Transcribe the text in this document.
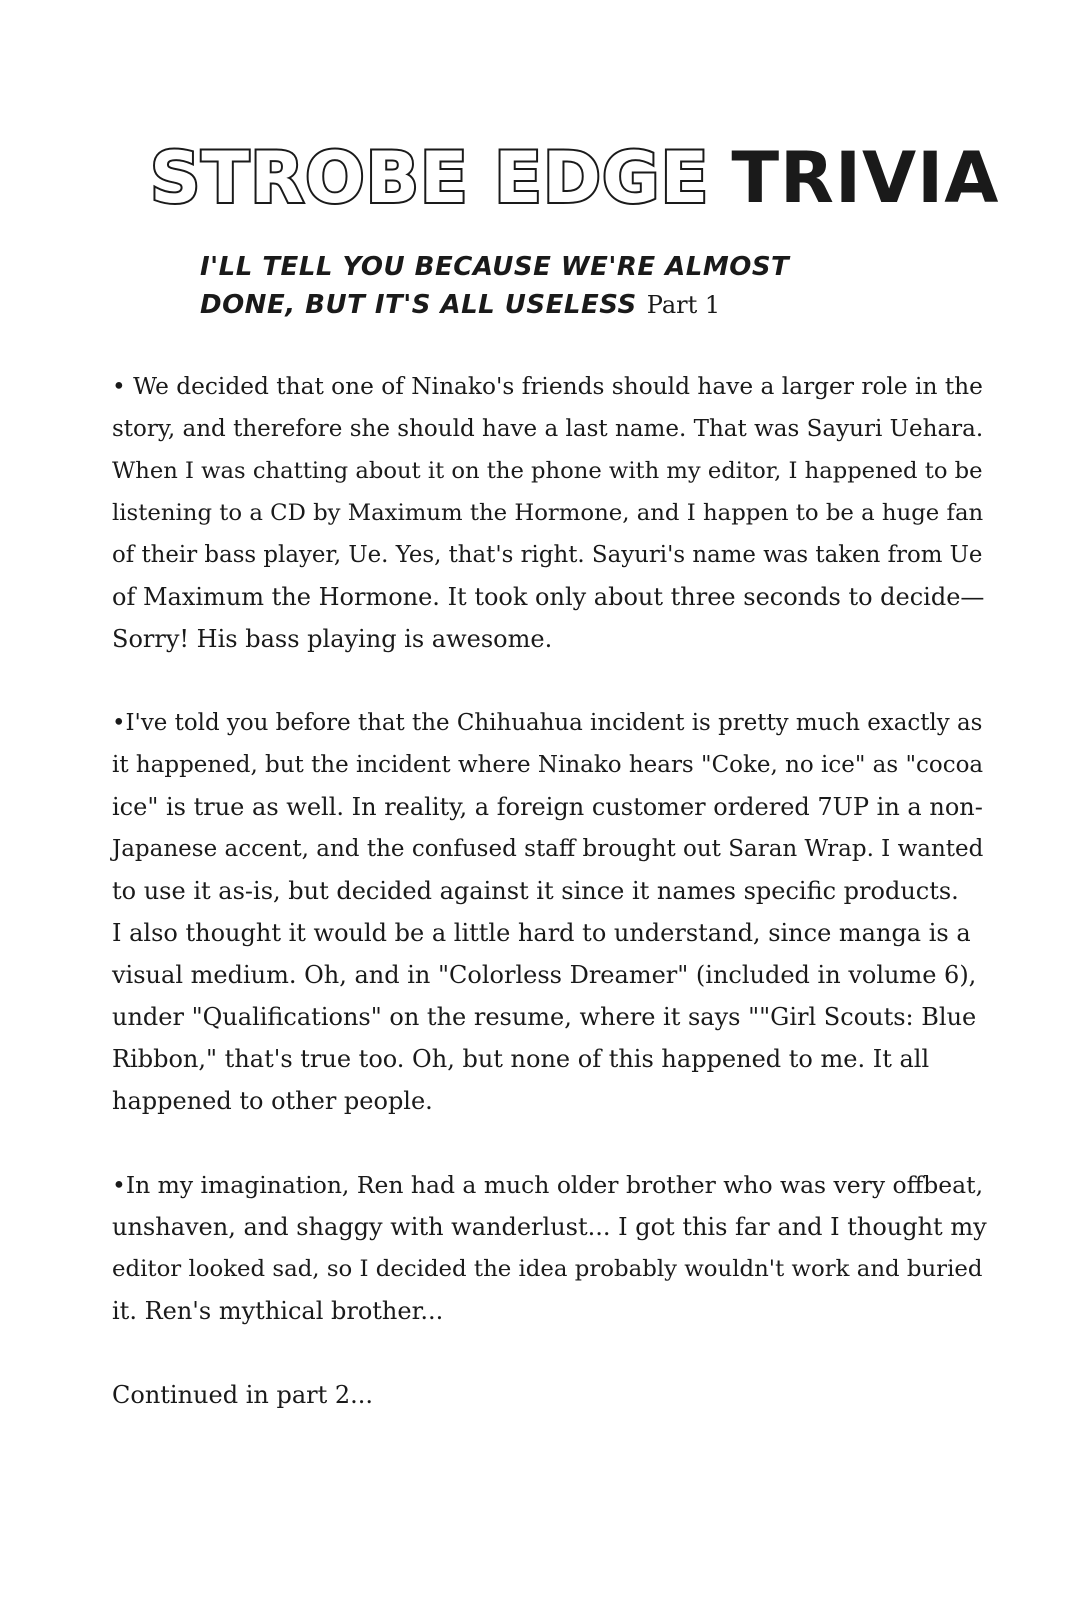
STROBE EDGE TRIVIA
I'LL TELL YOU BECAUSE WE'RE ALMOST
DONE, BUT IT'S ALL USELESS Part 1
• We decided that one of Ninako's friends should have a larger role in the
story, and therefore she should have a last name. That was Sayuri Uehara.
When I was chatting about it on the phone with my editor, I happened to be
listening to a CD by Maximum the Hormone, and I happen to be a huge fan
of their bass player, Ue. Yes, that's right. Sayuri's name was taken from Ue
of Maximum the Hormone. It took only about three seconds to decide—
Sorry! His bass playing is awesome.
•I've told you before that the Chihuahua incident is pretty much exactly as
it happened, but the incident where Ninako hears "Coke, no ice" as "cocoa
ice" is true as well. In reality, a foreign customer ordered 7UP in a non-
Japanese accent, and the confused staff brought out Saran Wrap. I wanted
to use it as-is, but decided against it since it names specific products.
I also thought it would be a little hard to understand, since manga is a
visual medium. Oh, and in "Colorless Dreamer" (included in volume 6),
under "Qualifications" on the resume, where it says ""Girl Scouts: Blue
Ribbon," that's true too. Oh, but none of this happened to me. It all
happened to other people.
•In my imagination, Ren had a much older brother who was very offbeat,
unshaven, and shaggy with wanderlust... I got this far and I thought my
editor looked sad, so I decided the idea probably wouldn't work and buried
it. Ren's mythical brother...

Continued in part 2...
